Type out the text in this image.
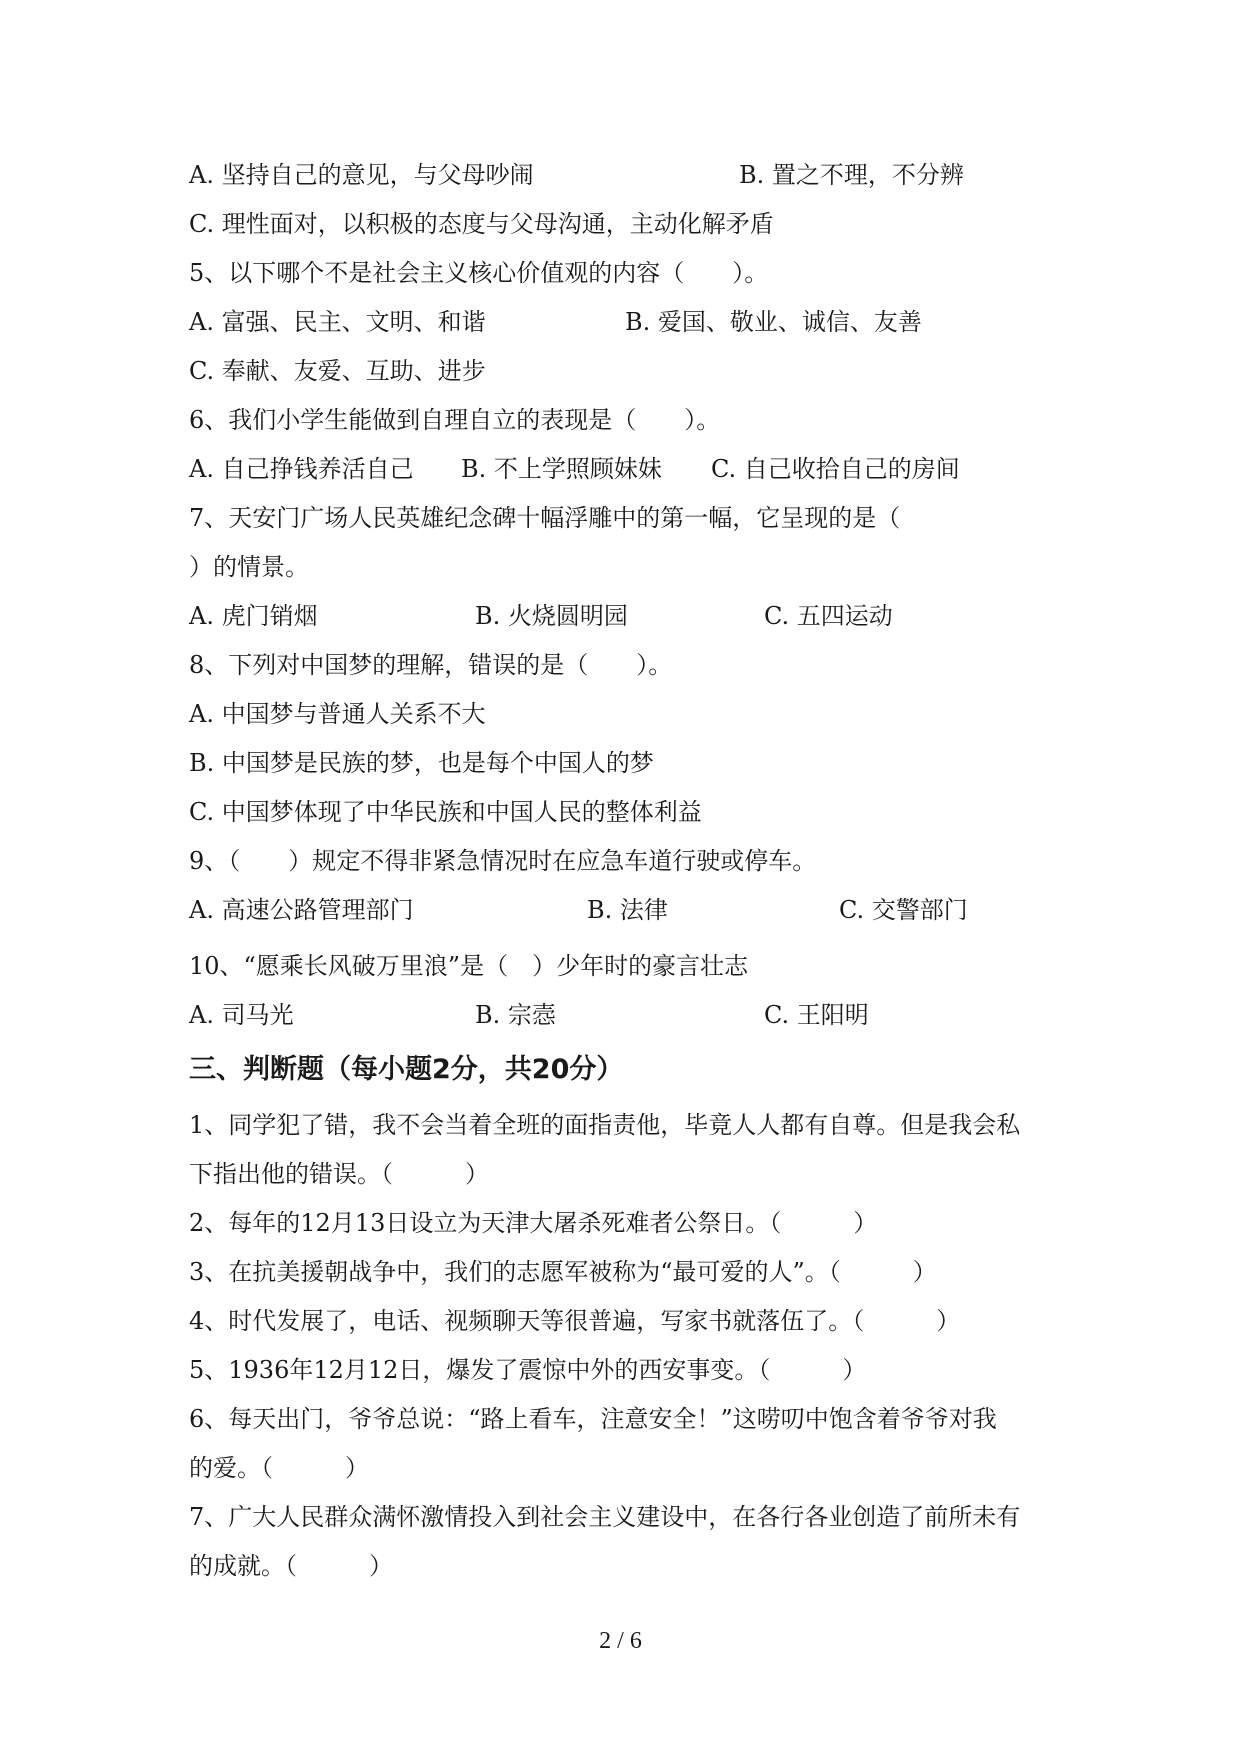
A. 坚持自己的意见，与父母吵闹	B. 置之不理，不分辨
C. 理性面对，以积极的态度与父母沟通，主动化解矛盾
5、以下哪个不是社会主义核心价值观的内容（　　）。
A. 富强、民主、文明、和谐	B. 爱国、敬业、诚信、友善
C. 奉献、友爱、互助、进步
6、我们小学生能做到自理自立的表现是（　　）。
A. 自己挣钱养活自己 B. 不上学照顾妹妹 C. 自己收拾自己的房间
7、天安门广场人民英雄纪念碑十幅浮雕中的第一幅，它呈现的是（
）的情景。
A. 虎门销烟	B. 火烧圆明园	C. 五四运动
8、下列对中国梦的理解，错误的是（　　）。
A. 中国梦与普通人关系不大
B. 中国梦是民族的梦，也是每个中国人的梦
C. 中国梦体现了中华民族和中国人民的整体利益
9、（　　）规定不得非紧急情况时在应急车道行驶或停车。
A. 高速公路管理部门	B. 法律	C. 交警部门
10、“愿乘长风破万里浪”是（　）少年时的豪言壮志
A. 司马光	B. 宗悫	C. 王阳明
三、判断题（每小题2分，共20分）
1、同学犯了错，我不会当着全班的面指责他，毕竟人人都有自尊。但是我会私
下指出他的错误。（　　　）
2、每年的12月13日设立为天津大屠杀死难者公祭日。（　　　）
3、在抗美援朝战争中，我们的志愿军被称为“最可爱的人”。（　　　）
4、时代发展了，电话、视频聊天等很普遍，写家书就落伍了。（　　　）
5、1936年12月12日，爆发了震惊中外的西安事变。（　　　）
6、每天出门，爷爷总说：“路上看车，注意安全！”这唠叨中饱含着爷爷对我
的爱。（　　　）
7、广大人民群众满怀激情投入到社会主义建设中，在各行各业创造了前所未有
的成就。（　　　）
2 / 6
